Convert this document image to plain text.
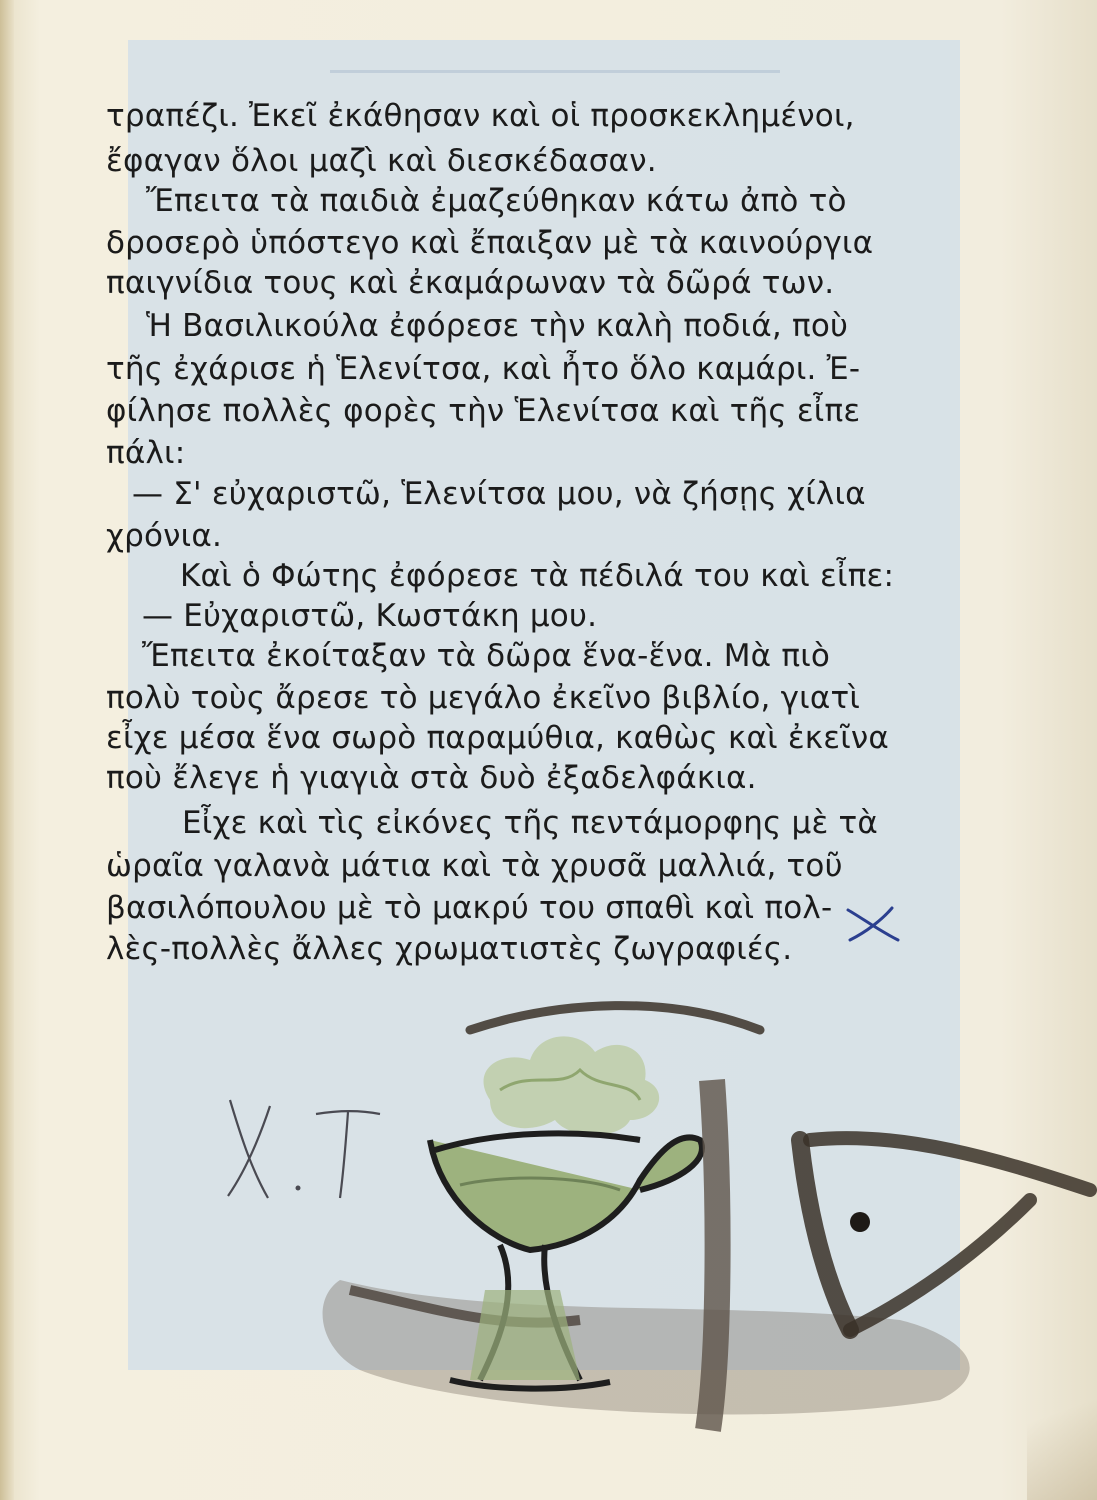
τραπέζι. Ἐκεῖ ἐκάθησαν καὶ οἱ προσκεκλημένοι,
ἔφαγαν ὅλοι μαζὶ καὶ διεσκέδασαν.
Ἔπειτα τὰ παιδιὰ ἐμαζεύθηκαν κάτω ἀπὸ τὸ
δροσερὸ ὑπόστεγο καὶ ἔπαιξαν μὲ τὰ καινούργια
παιγνίδια τους καὶ ἐκαμάρωναν τὰ δῶρά των.
Ἡ Βασιλικούλα ἐφόρεσε τὴν καλὴ ποδιά, ποὺ
τῆς ἐχάρισε ἡ Ἑλενίτσα, καὶ ἦτο ὅλο καμάρι. Ἐ-
φίλησε πολλὲς φορὲς τὴν Ἑλενίτσα καὶ τῆς εἶπε
πάλι:
— Σ' εὐχαριστῶ, Ἑλενίτσα μου, νὰ ζήσῃς χίλια
χρόνια.
Καὶ ὁ Φώτης ἐφόρεσε τὰ πέδιλά του καὶ εἶπε:
— Εὐχαριστῶ, Κωστάκη μου.
Ἔπειτα ἐκοίταξαν τὰ δῶρα ἕνα-ἕνα. Μὰ πιὸ
πολὺ τοὺς ἄρεσε τὸ μεγάλο ἐκεῖνο βιβλίο, γιατὶ
εἶχε μέσα ἕνα σωρὸ παραμύθια, καθὼς καὶ ἐκεῖνα
ποὺ ἔλεγε ἡ γιαγιὰ στὰ δυὸ ἐξαδελφάκια.
Εἶχε καὶ τὶς εἰκόνες τῆς πεντάμορφης μὲ τὰ
ὡραῖα γαλανὰ μάτια καὶ τὰ χρυσᾶ μαλλιά, τοῦ
βασιλόπουλου μὲ τὸ μακρύ του σπαθὶ καὶ πολ-
λὲς-πολλὲς ἄλλες χρωματιστὲς ζωγραφιές.
